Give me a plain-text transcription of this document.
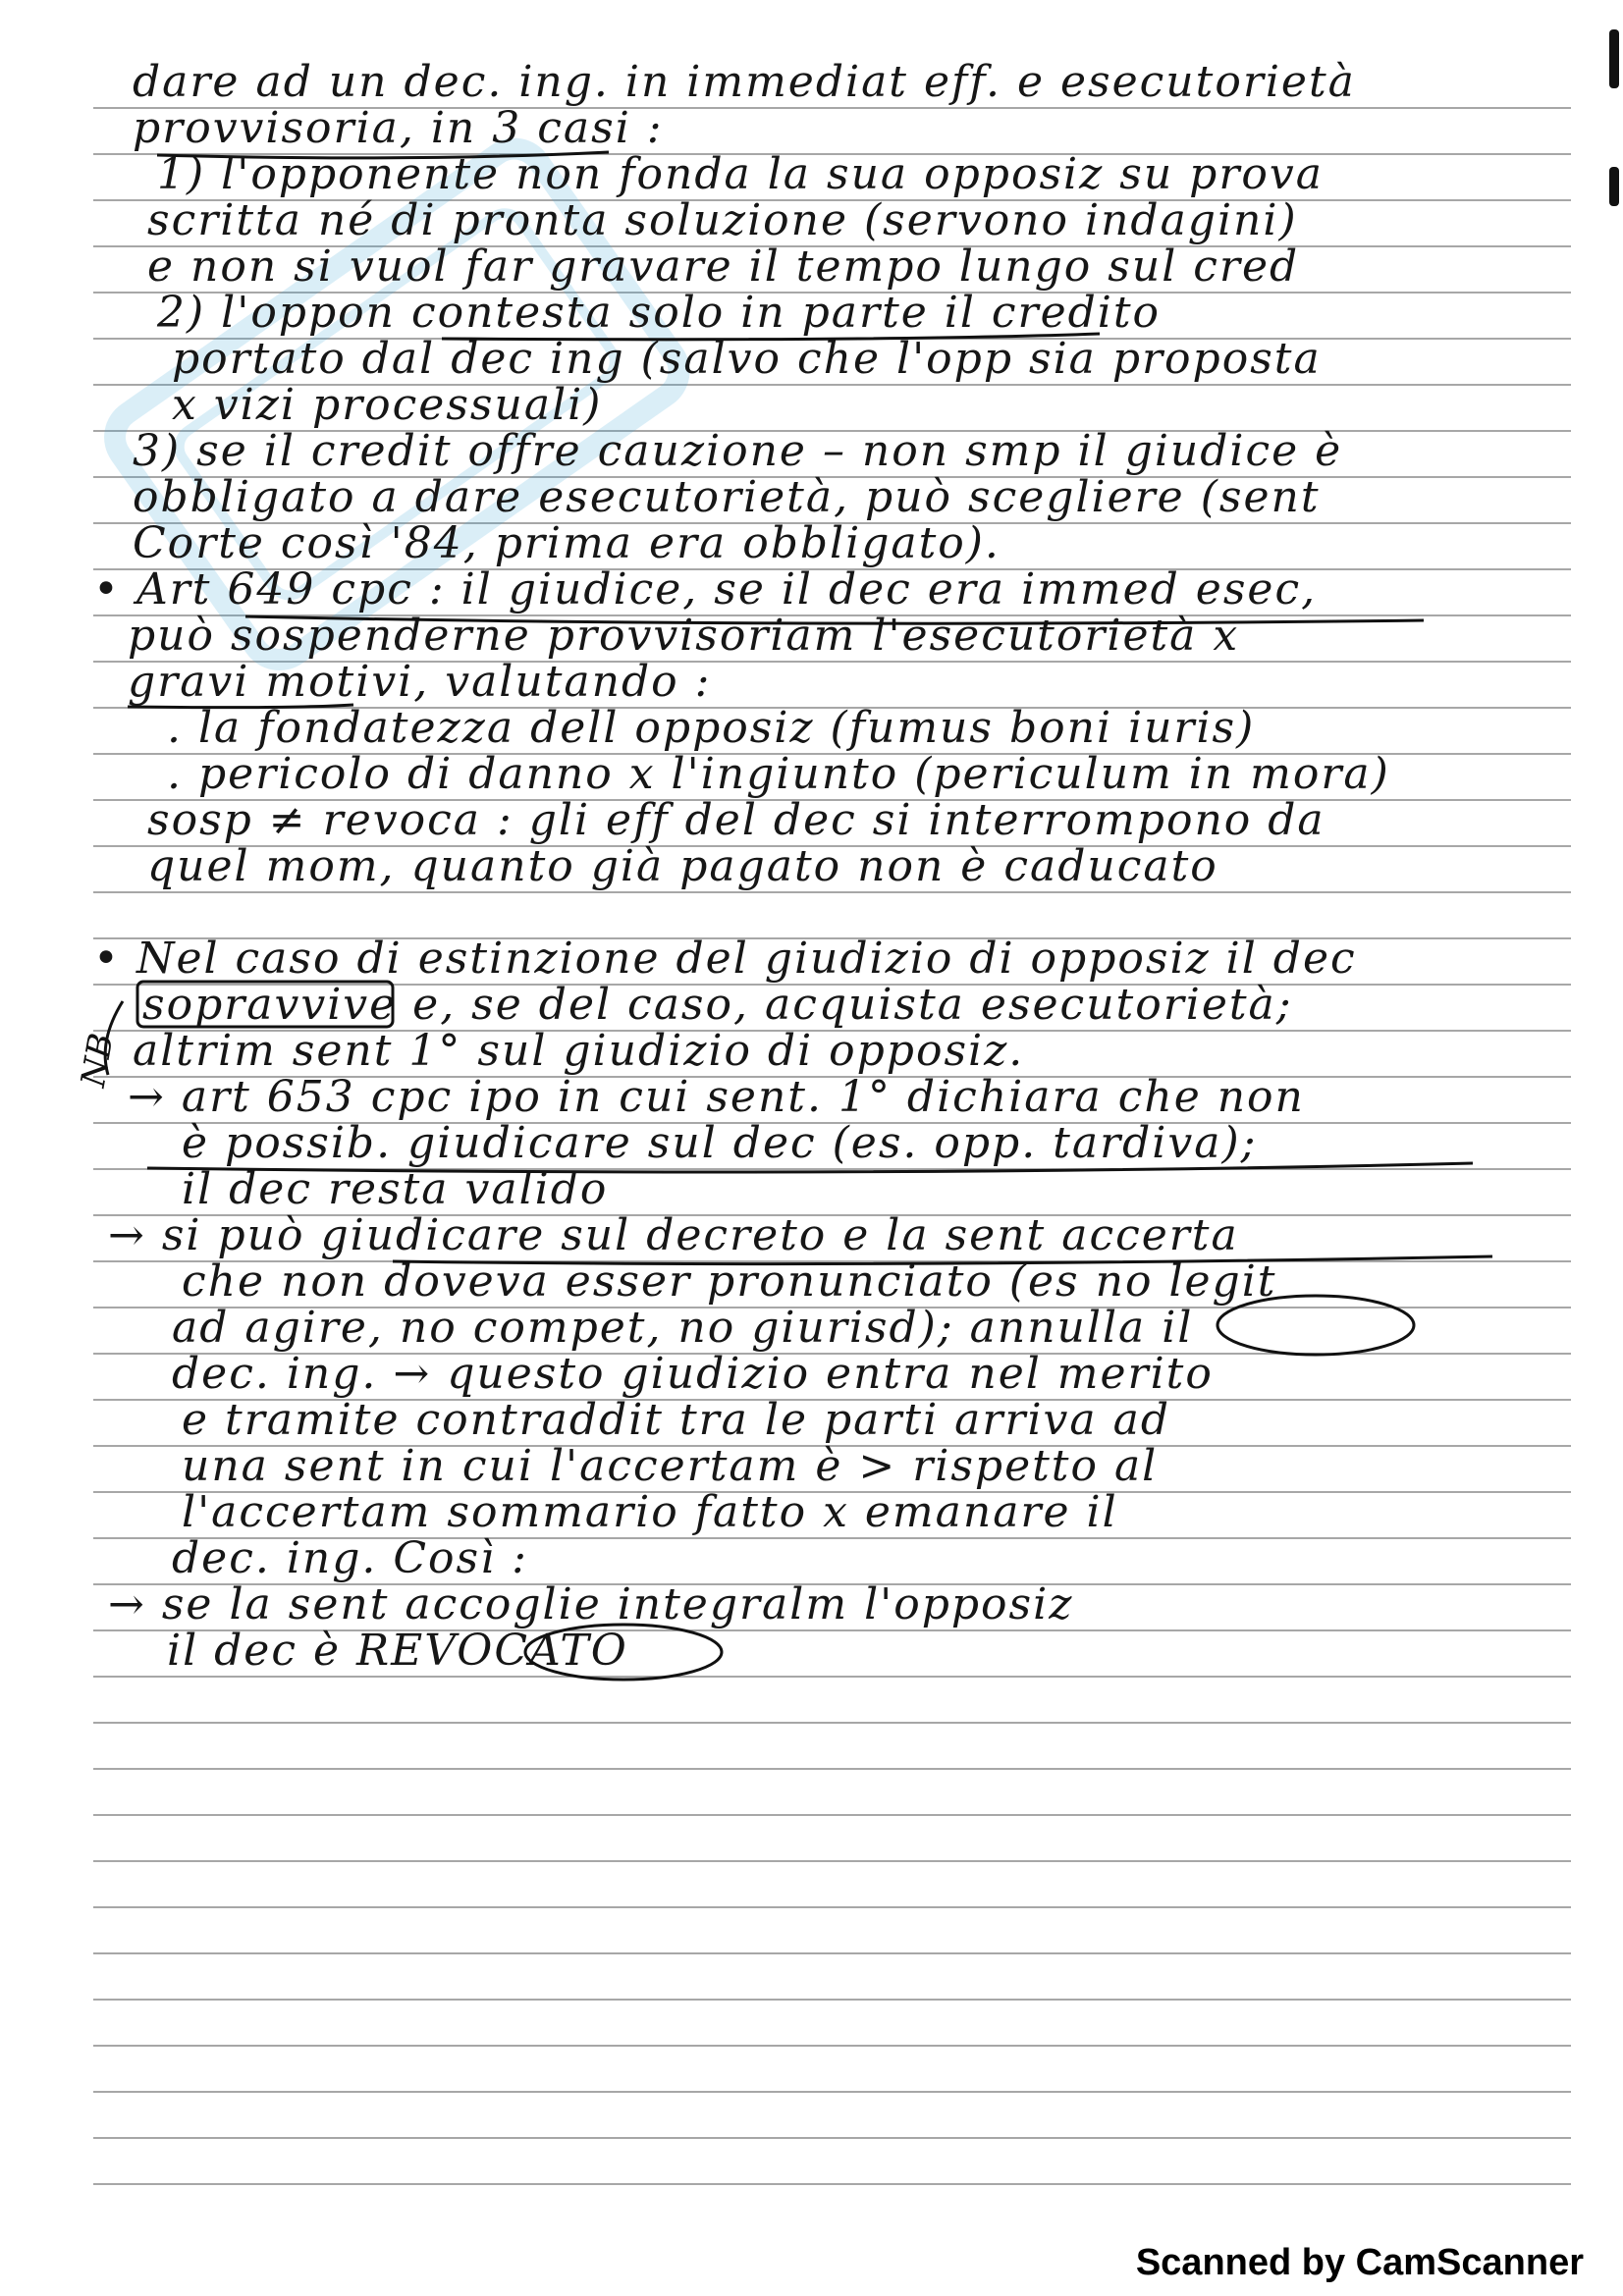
NB
dare ad un dec. ing. in immediat eff. e esecutorietà
provvisoria, in 3 casi :
1) l'opponente non fonda la sua opposiz su prova
scritta né di pronta soluzione (servono indagini)
e non si vuol far gravare il tempo lungo sul cred
2) l'oppon contesta solo in parte il credito
portato dal dec ing (salvo che l'opp sia proposta
x vizi processuali)
3) se il credit offre cauzione – non smp il giudice è
obbligato a dare esecutorietà, può scegliere (sent
Corte così '84, prima era obbligato).
• Art 649 cpc : il giudice, se il dec era immed esec,
può sospenderne provvisoriam l'esecutorietà x
gravi motivi, valutando :
. la fondatezza dell opposiz (fumus boni iuris)
. pericolo di danno x l'ingiunto (periculum in mora)
sosp ≠ revoca : gli eff del dec si interrompono da
quel mom, quanto già pagato non è caducato
• Nel caso di estinzione del giudizio di opposiz il dec
sopravvive e, se del caso, acquista esecutorietà;
altrim sent 1° sul giudizio di opposiz.
→ art 653 cpc ipo in cui sent. 1° dichiara che non
è possib. giudicare sul dec (es. opp. tardiva);
il dec resta valido
→ si può giudicare sul decreto e la sent accerta
che non doveva esser pronunciato (es no legit
ad agire, no compet, no giurisd); annulla il
dec. ing. → questo giudizio entra nel merito
e tramite contraddit tra le parti arriva ad
una sent in cui l'accertam è > rispetto al
l'accertam sommario fatto x emanare il
dec. ing. Così :
→ se la sent accoglie integralm l'opposiz
il dec è REVOCATO
Scanned by CamScanner
